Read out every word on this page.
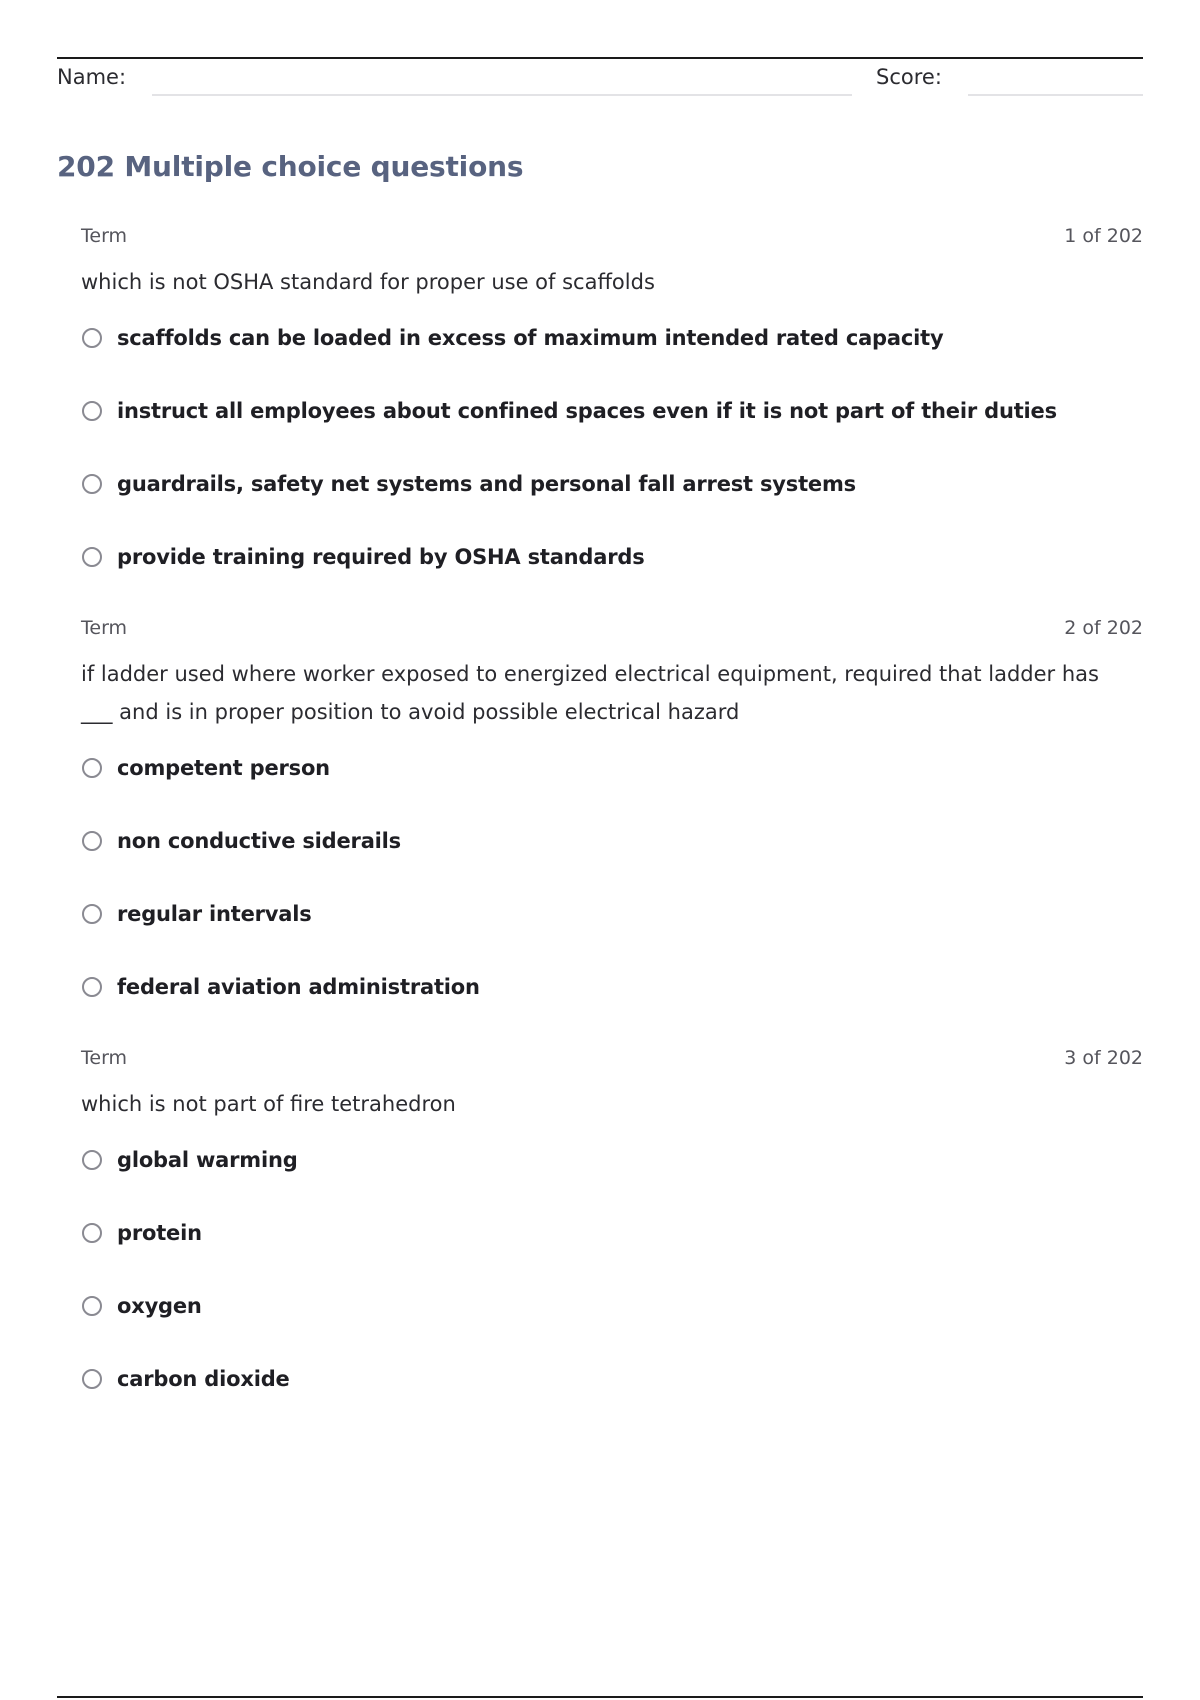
Name:	Score:
202 Multiple choice questions
Term	1 of 202
which is not OSHA standard for proper use of scaffolds
scaffolds can be loaded in excess of maximum intended rated capacity
instruct all employees about confined spaces even if it is not part of their duties
guardrails, safety net systems and personal fall arrest systems
provide training required by OSHA standards
Term	2 of 202
if ladder used where worker exposed to energized electrical equipment, required that ladder has ___ and is in proper position to avoid possible electrical hazard
competent person
non conductive siderails
regular intervals
federal aviation administration
Term	3 of 202
which is not part of fire tetrahedron
global warming
protein
oxygen
carbon dioxide
